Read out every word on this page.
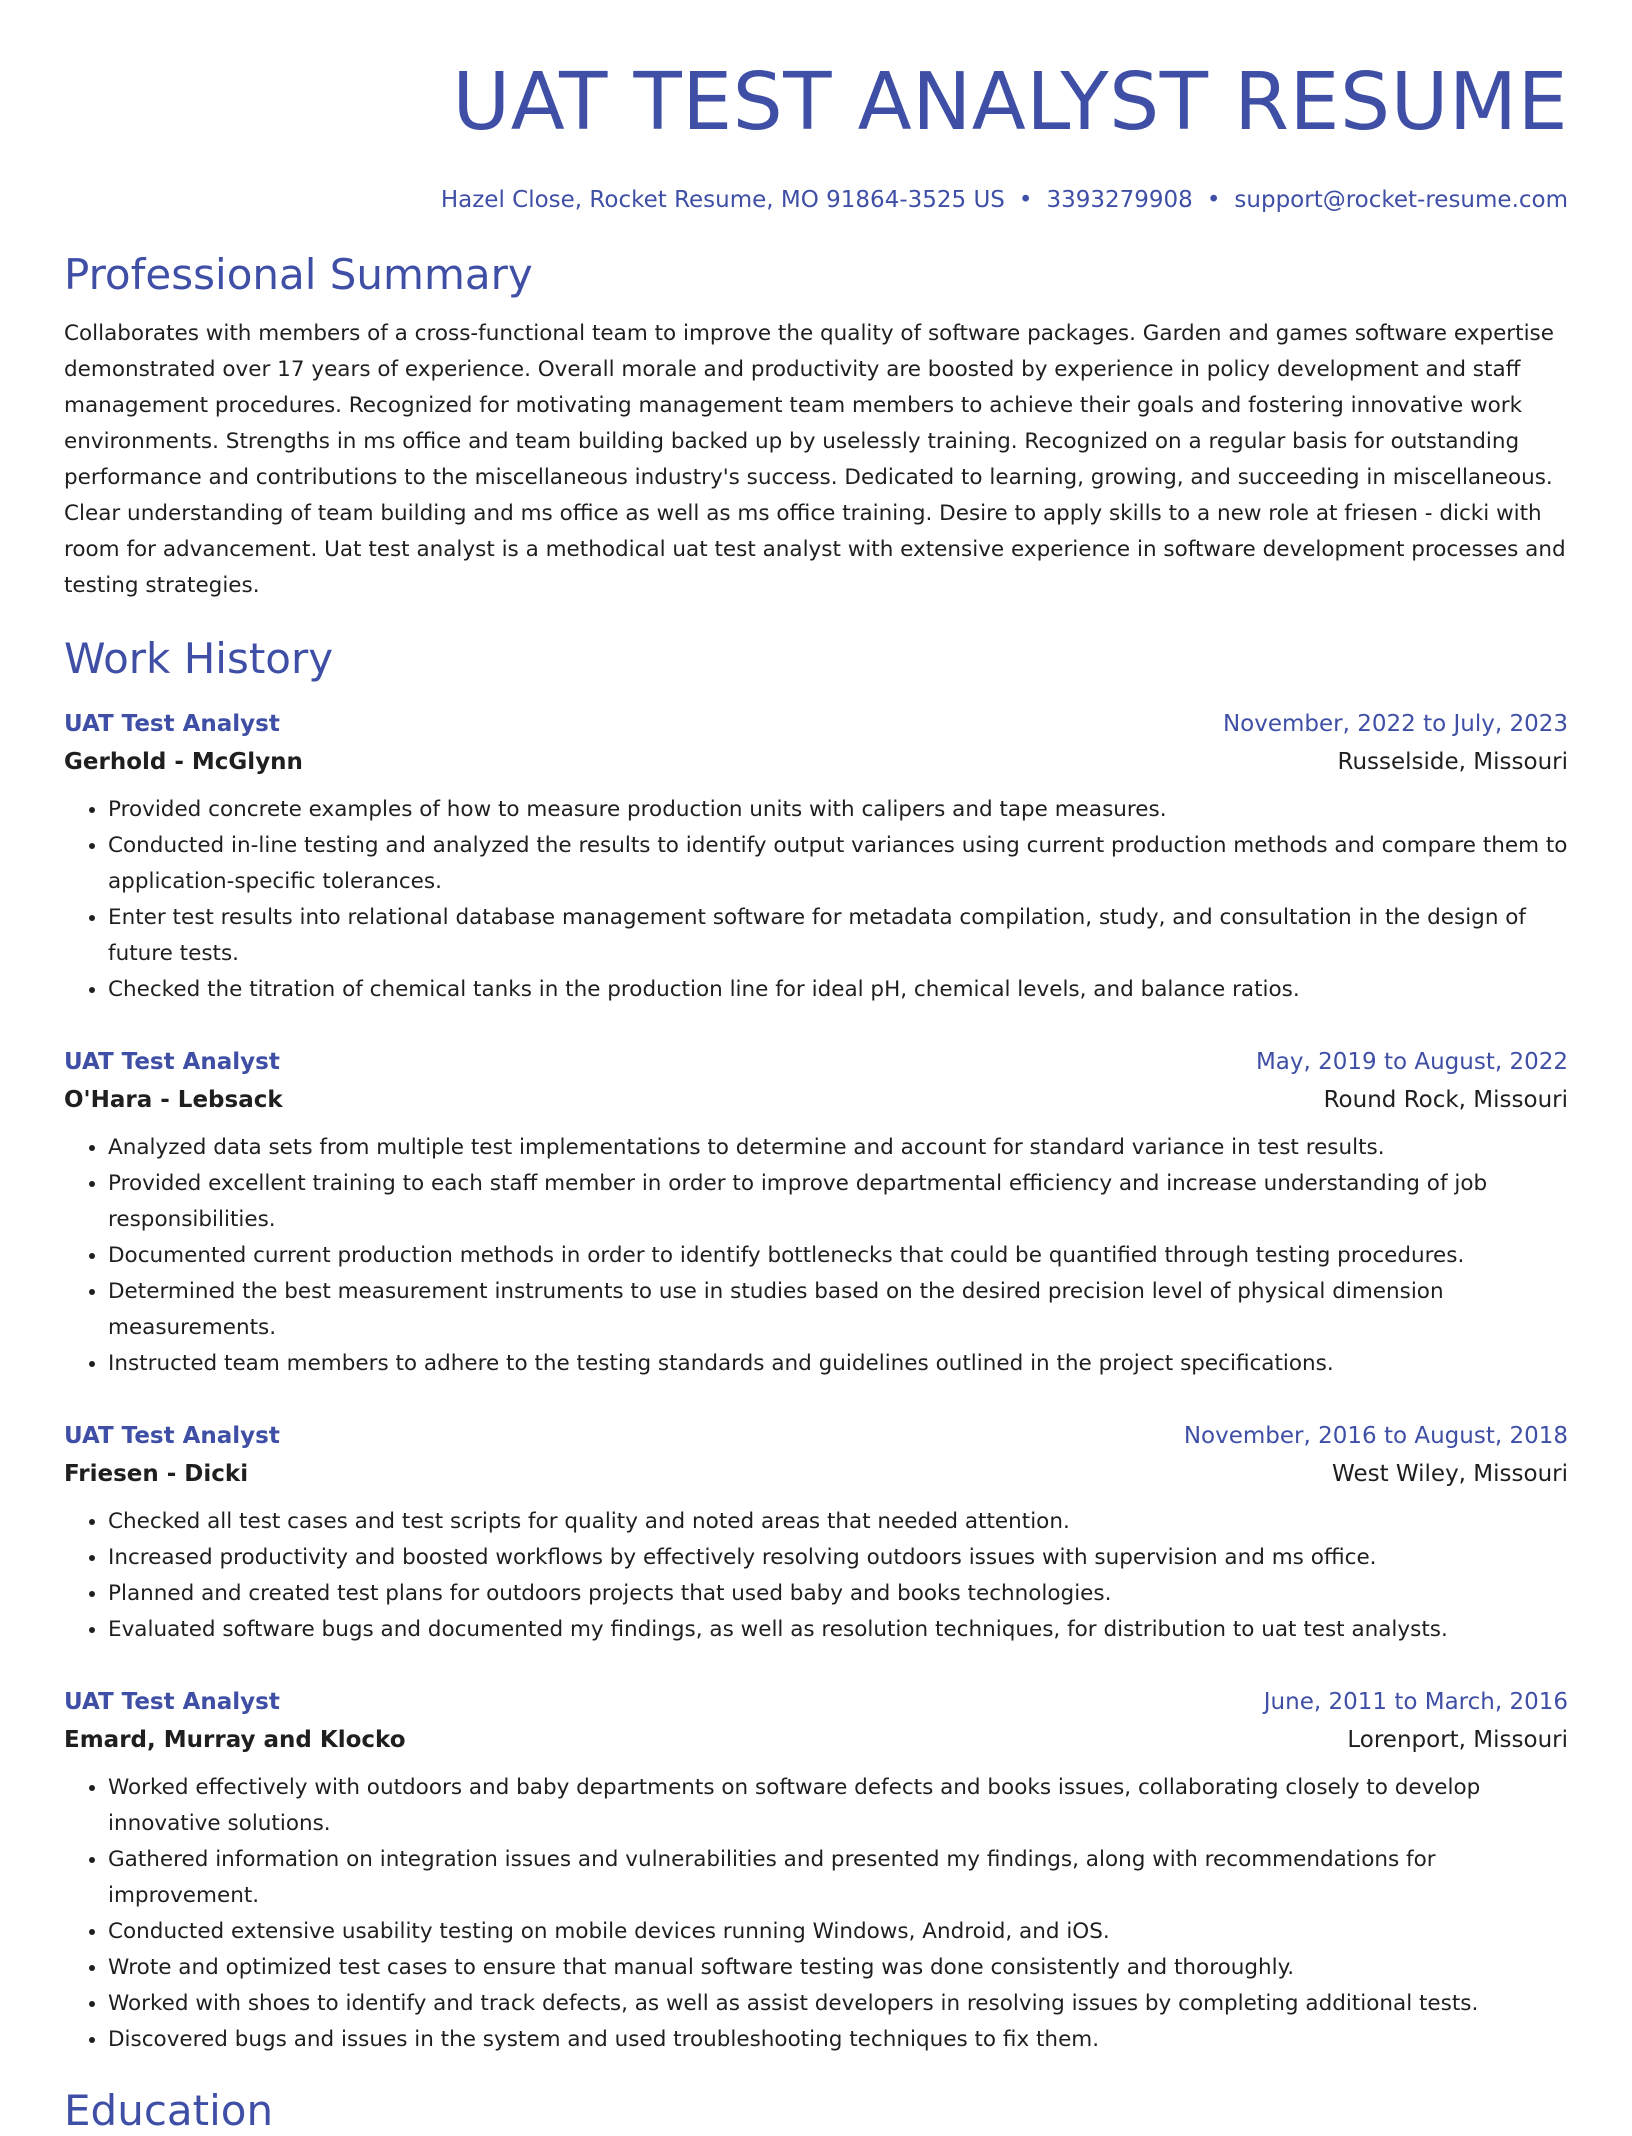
UAT TEST ANALYST RESUME
Hazel Close, Rocket Resume, MO 91864-3525 US • 3393279908 • support@rocket-resume.com
Professional Summary
Collaborates with members of a cross-functional team to improve the quality of software packages. Garden and games software expertise demonstrated over 17 years of experience. Overall morale and productivity are boosted by experience in policy development and staff management procedures. Recognized for motivating management team members to achieve their goals and fostering innovative work environments. Strengths in ms office and team building backed up by uselessly training. Recognized on a regular basis for outstanding performance and contributions to the miscellaneous industry's success. Dedicated to learning, growing, and succeeding in miscellaneous. Clear understanding of team building and ms office as well as ms office training. Desire to apply skills to a new role at friesen - dicki with room for advancement. Uat test analyst is a methodical uat test analyst with extensive experience in software development processes and testing strategies.
Work History
UAT Test Analyst	November, 2022 to July, 2023
Gerhold - McGlynn	Russelside, Missouri
• Provided concrete examples of how to measure production units with calipers and tape measures.
• Conducted in-line testing and analyzed the results to identify output variances using current production methods and compare them to application-specific tolerances.
• Enter test results into relational database management software for metadata compilation, study, and consultation in the design of future tests.
• Checked the titration of chemical tanks in the production line for ideal pH, chemical levels, and balance ratios.
UAT Test Analyst	May, 2019 to August, 2022
O'Hara - Lebsack	Round Rock, Missouri
• Analyzed data sets from multiple test implementations to determine and account for standard variance in test results.
• Provided excellent training to each staff member in order to improve departmental efficiency and increase understanding of job responsibilities.
• Documented current production methods in order to identify bottlenecks that could be quantified through testing procedures.
• Determined the best measurement instruments to use in studies based on the desired precision level of physical dimension measurements.
• Instructed team members to adhere to the testing standards and guidelines outlined in the project specifications.
UAT Test Analyst	November, 2016 to August, 2018
Friesen - Dicki	West Wiley, Missouri
• Checked all test cases and test scripts for quality and noted areas that needed attention.
• Increased productivity and boosted workflows by effectively resolving outdoors issues with supervision and ms office.
• Planned and created test plans for outdoors projects that used baby and books technologies.
• Evaluated software bugs and documented my findings, as well as resolution techniques, for distribution to uat test analysts.
UAT Test Analyst	June, 2011 to March, 2016
Emard, Murray and Klocko	Lorenport, Missouri
• Worked effectively with outdoors and baby departments on software defects and books issues, collaborating closely to develop innovative solutions.
• Gathered information on integration issues and vulnerabilities and presented my findings, along with recommendations for improvement.
• Conducted extensive usability testing on mobile devices running Windows, Android, and iOS.
• Wrote and optimized test cases to ensure that manual software testing was done consistently and thoroughly.
• Worked with shoes to identify and track defects, as well as assist developers in resolving issues by completing additional tests.
• Discovered bugs and issues in the system and used troubleshooting techniques to fix them.
Education
